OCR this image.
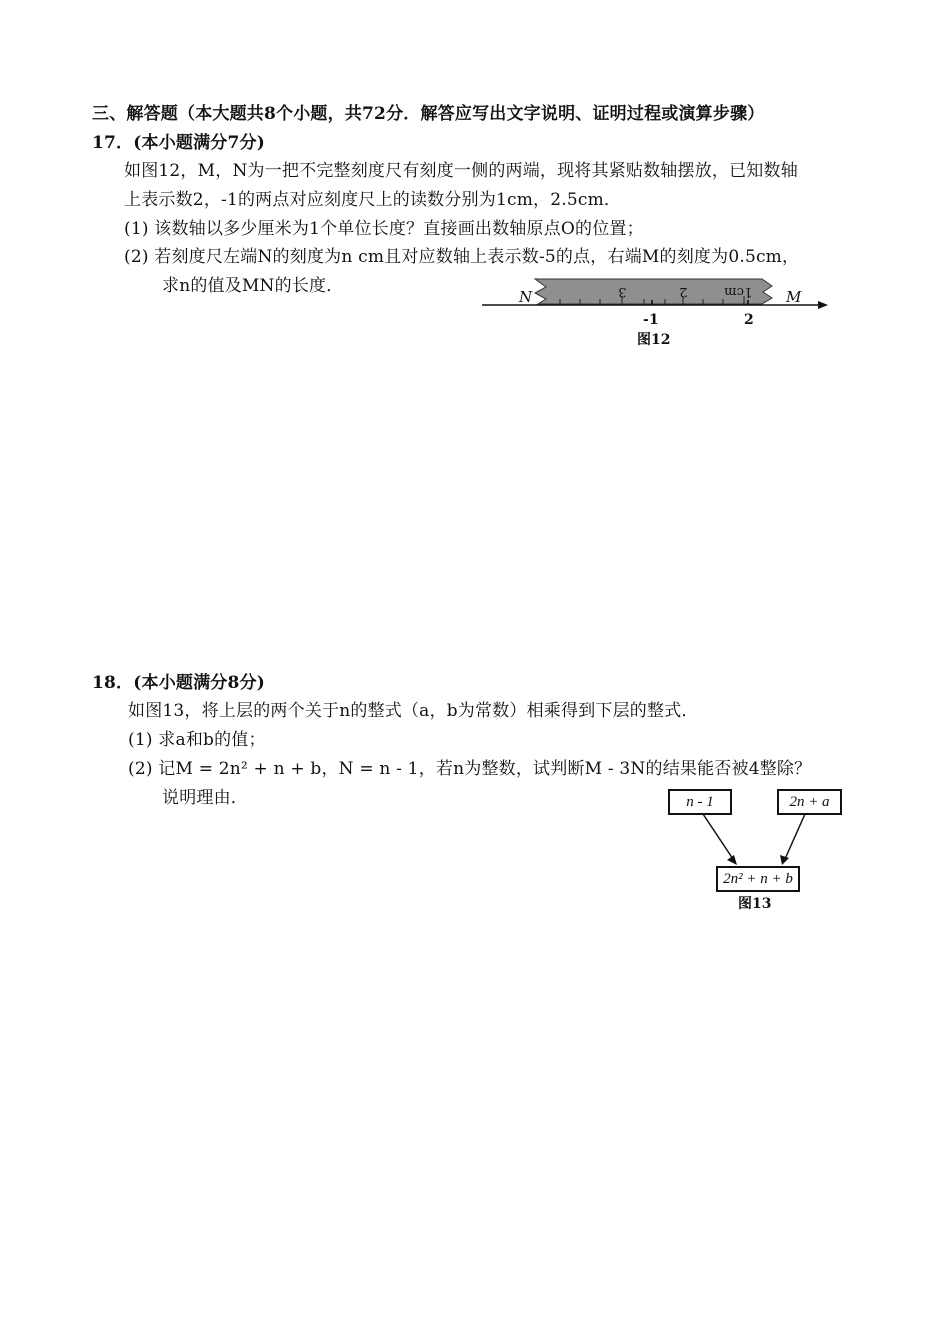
三、解答题（本大题共8个小题，共72分．解答应写出文字说明、证明过程或演算步骤）
17．(本小题满分7分)
如图12，M，N为一把不完整刻度尺有刻度一侧的两端，现将其紧贴数轴摆放，已知数轴
上表示数2，-1的两点对应刻度尺上的读数分别为1cm，2.5cm．
(1) 该数轴以多少厘米为1个单位长度？直接画出数轴原点O的位置；
(2) 若刻度尺左端N的刻度为n cm且对应数轴上表示数-5的点，右端M的刻度为0.5cm，
求n的值及MN的长度．	3	2	1cm
N	M
-1	2
图12
18．(本小题满分8分)
如图13，将上层的两个关于n的整式（a，b为常数）相乘得到下层的整式．
(1) 求a和b的值；
(2) 记M = 2n² + n + b，N = n - 1，若n为整数，试判断M - 3N的结果能否被4整除？
说明理由．	n - 1	2n + a
2n² + n + b
图13
